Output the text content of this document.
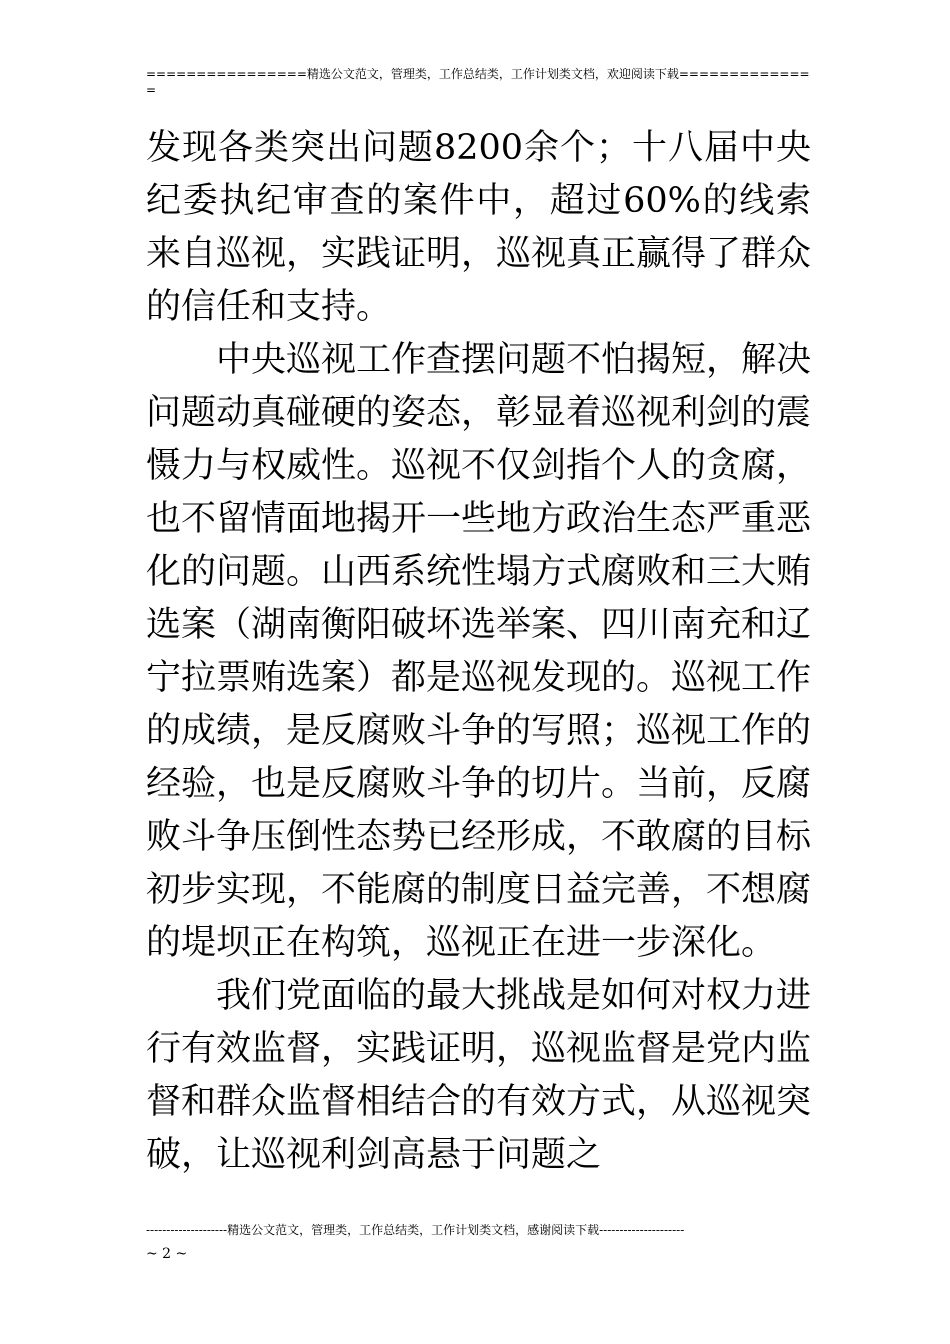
================精选公文范文，管理类，工作总结类，工作计划类文档，欢迎阅读下载==============

发现各类突出问题8200余个；十八届中央纪委执纪审查的案件中，超过60%的线索来自巡视，实践证明，巡视真正赢得了群众的信任和支持。

中央巡视工作查摆问题不怕揭短，解决问题动真碰硬的姿态，彰显着巡视利剑的震慑力与权威性。巡视不仅剑指个人的贪腐，也不留情面地揭开一些地方政治生态严重恶化的问题。山西系统性塌方式腐败和三大贿选案（湖南衡阳破坏选举案、四川南充和辽宁拉票贿选案）都是巡视发现的。巡视工作的成绩，是反腐败斗争的写照；巡视工作的经验，也是反腐败斗争的切片。当前，反腐败斗争压倒性态势已经形成，不敢腐的目标初步实现，不能腐的制度日益完善，不想腐的堤坝正在构筑，巡视正在进一步深化。

我们党面临的最大挑战是如何对权力进行有效监督，实践证明，巡视监督是党内监督和群众监督相结合的有效方式，从巡视突破，让巡视利剑高悬于问题之

--------------------精选公文范文，管理类，工作总结类，工作计划类文档，感谢阅读下载---------------------
~ 2 ~
